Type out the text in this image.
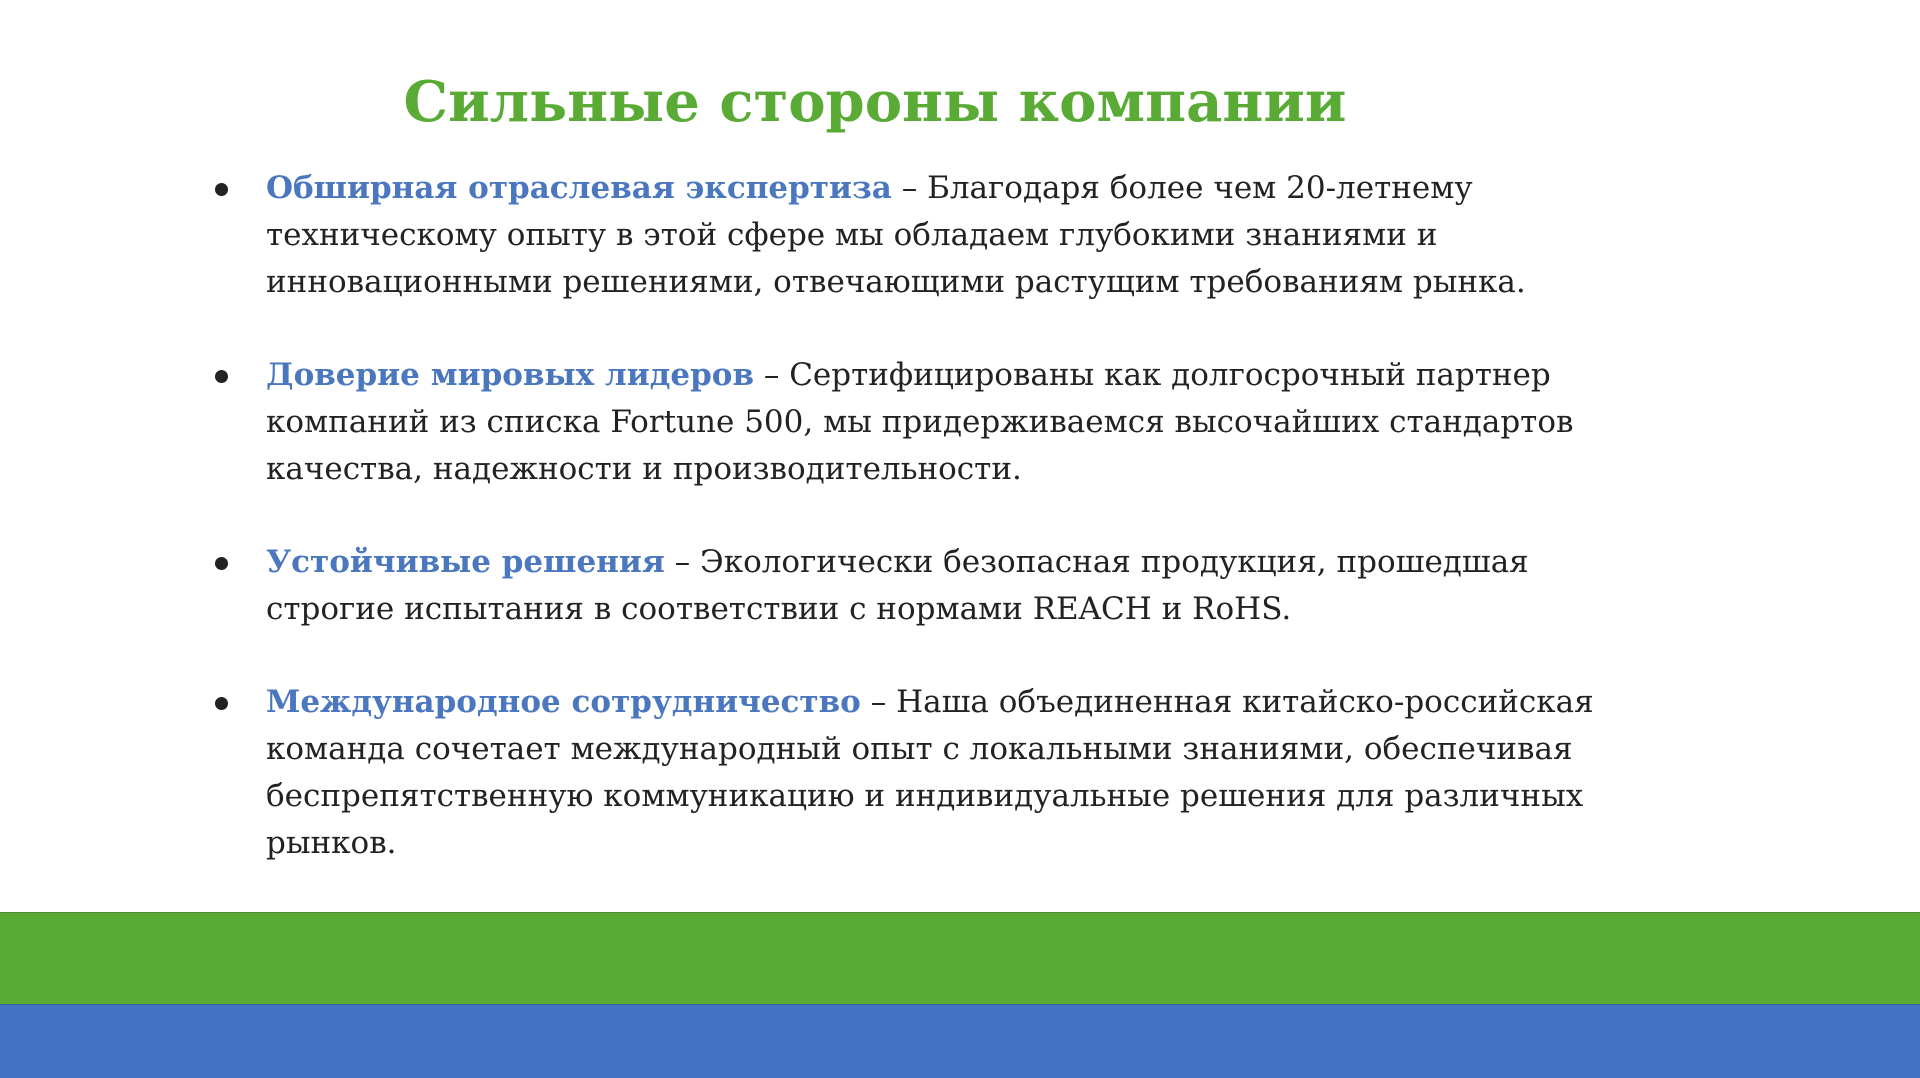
Сильные стороны компании
Обширная отраслевая экспертиза – Благодаря более чем 20-летнему техническому опыту в этой сфере мы обладаем глубокими знаниями и инновационными решениями, отвечающими растущим требованиям рынка.
Доверие мировых лидеров – Сертифицированы как долгосрочный партнер компаний из списка Fortune 500, мы придерживаемся высочайших стандартов качества, надежности и производительности.
Устойчивые решения – Экологически безопасная продукция, прошедшая строгие испытания в соответствии с нормами REACH и RoHS.
Международное сотрудничество – Наша объединенная китайско-российская команда сочетает международный опыт с локальными знаниями, обеспечивая беспрепятственную коммуникацию и индивидуальные решения для различных рынков.
